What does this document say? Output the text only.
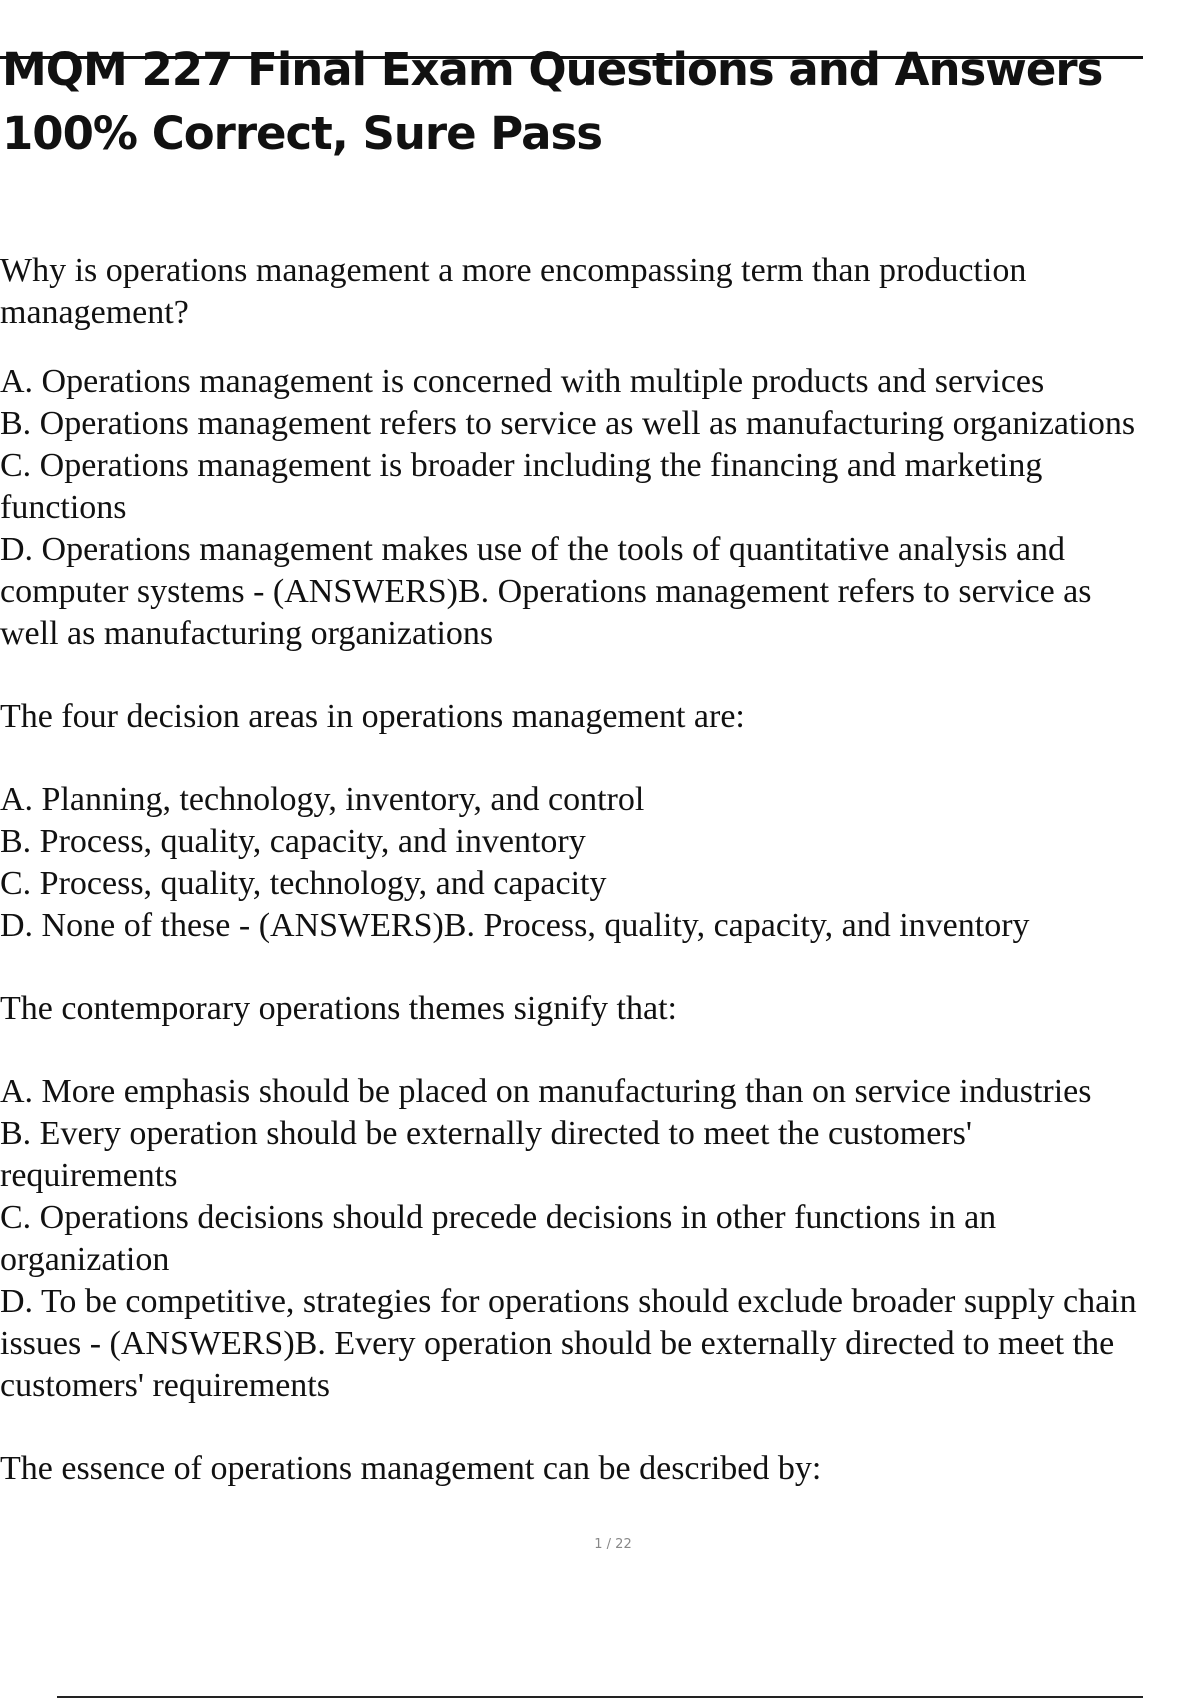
MQM 227 Final Exam Questions and Answers
100% Correct, Sure Pass
Why is operations management a more encompassing term than production
management?
A. Operations management is concerned with multiple products and services
B. Operations management refers to service as well as manufacturing organizations
C. Operations management is broader including the financing and marketing
functions
D. Operations management makes use of the tools of quantitative analysis and
computer systems - (ANSWERS)B. Operations management refers to service as
well as manufacturing organizations
The four decision areas in operations management are:
A. Planning, technology, inventory, and control
B. Process, quality, capacity, and inventory
C. Process, quality, technology, and capacity
D. None of these - (ANSWERS)B. Process, quality, capacity, and inventory
The contemporary operations themes signify that:
A. More emphasis should be placed on manufacturing than on service industries
B. Every operation should be externally directed to meet the customers'
requirements
C. Operations decisions should precede decisions in other functions in an
organization
D. To be competitive, strategies for operations should exclude broader supply chain
issues - (ANSWERS)B. Every operation should be externally directed to meet the
customers' requirements
The essence of operations management can be described by:
1 / 22
